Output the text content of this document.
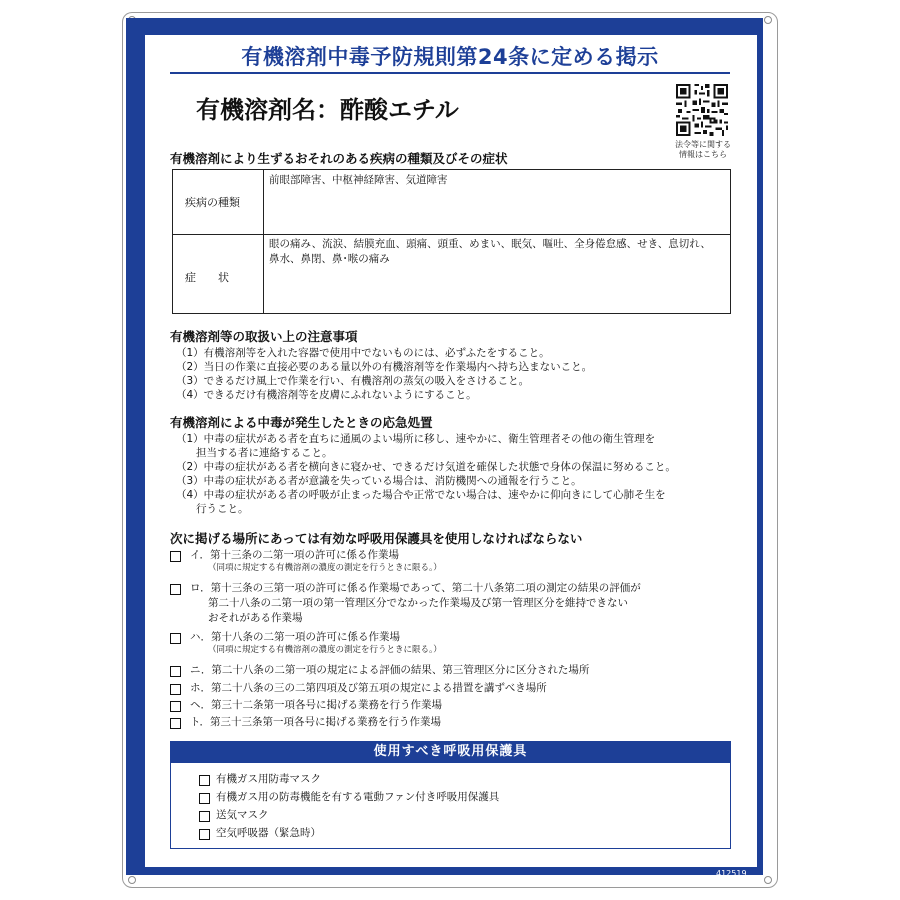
有機溶剤中毒予防規則第24条に定める掲示
有機溶剤名：酢酸エチル
法令等に関する
情報はこちら
有機溶剤により生ずるおそれのある疾病の種類及びその症状
疾病の種類
前眼部障害、中枢神経障害、気道障害
症　　状
眼の痛み、流涙、結膜充血、頭痛、頭重、めまい、眠気、嘔吐、全身倦怠感、せき、息切れ、
鼻水、鼻閉、鼻･喉の痛み
有機溶剤等の取扱い上の注意事項
（1）有機溶剤等を入れた容器で使用中でないものには、必ずふたをすること。
（2）当日の作業に直接必要のある量以外の有機溶剤等を作業場内へ持ち込まないこと。
（3）できるだけ風上で作業を行い、有機溶剤の蒸気の吸入をさけること。
（4）できるだけ有機溶剤等を皮膚にふれないようにすること。
有機溶剤による中毒が発生したときの応急処置
（1）中毒の症状がある者を直ちに通風のよい場所に移し、速やかに、衛生管理者その他の衛生管理を
担当する者に連絡すること。
（2）中毒の症状がある者を横向きに寝かせ、できるだけ気道を確保した状態で身体の保温に努めること。
（3）中毒の症状がある者が意識を失っている場合は、消防機関への通報を行うこと。
（4）中毒の症状がある者の呼吸が止まった場合や正常でない場合は、速やかに仰向きにして心肺そ生を
行うこと。
次に掲げる場所にあっては有効な呼吸用保護具を使用しなければならない
イ．第十三条の二第一項の許可に係る作業場
（同項に規定する有機溶剤の濃度の測定を行うときに限る。）
ロ．第十三条の三第一項の許可に係る作業場であって、第二十八条第二項の測定の結果の評価が
第二十八条の二第一項の第一管理区分でなかった作業場及び第一管理区分を維持できない
おそれがある作業場
ハ．第十八条の二第一項の許可に係る作業場
（同項に規定する有機溶剤の濃度の測定を行うときに限る。）
ニ．第二十八条の二第一項の規定による評価の結果、第三管理区分に区分された場所
ホ．第二十八条の三の二第四項及び第五項の規定による措置を講ずべき場所
ヘ．第三十二条第一項各号に掲げる業務を行う作業場
ト．第三十三条第一項各号に掲げる業務を行う作業場
使用すべき呼吸用保護具
有機ガス用防毒マスク
有機ガス用の防毒機能を有する電動ファン付き呼吸用保護具
送気マスク
空気呼吸器（緊急時）
412519
